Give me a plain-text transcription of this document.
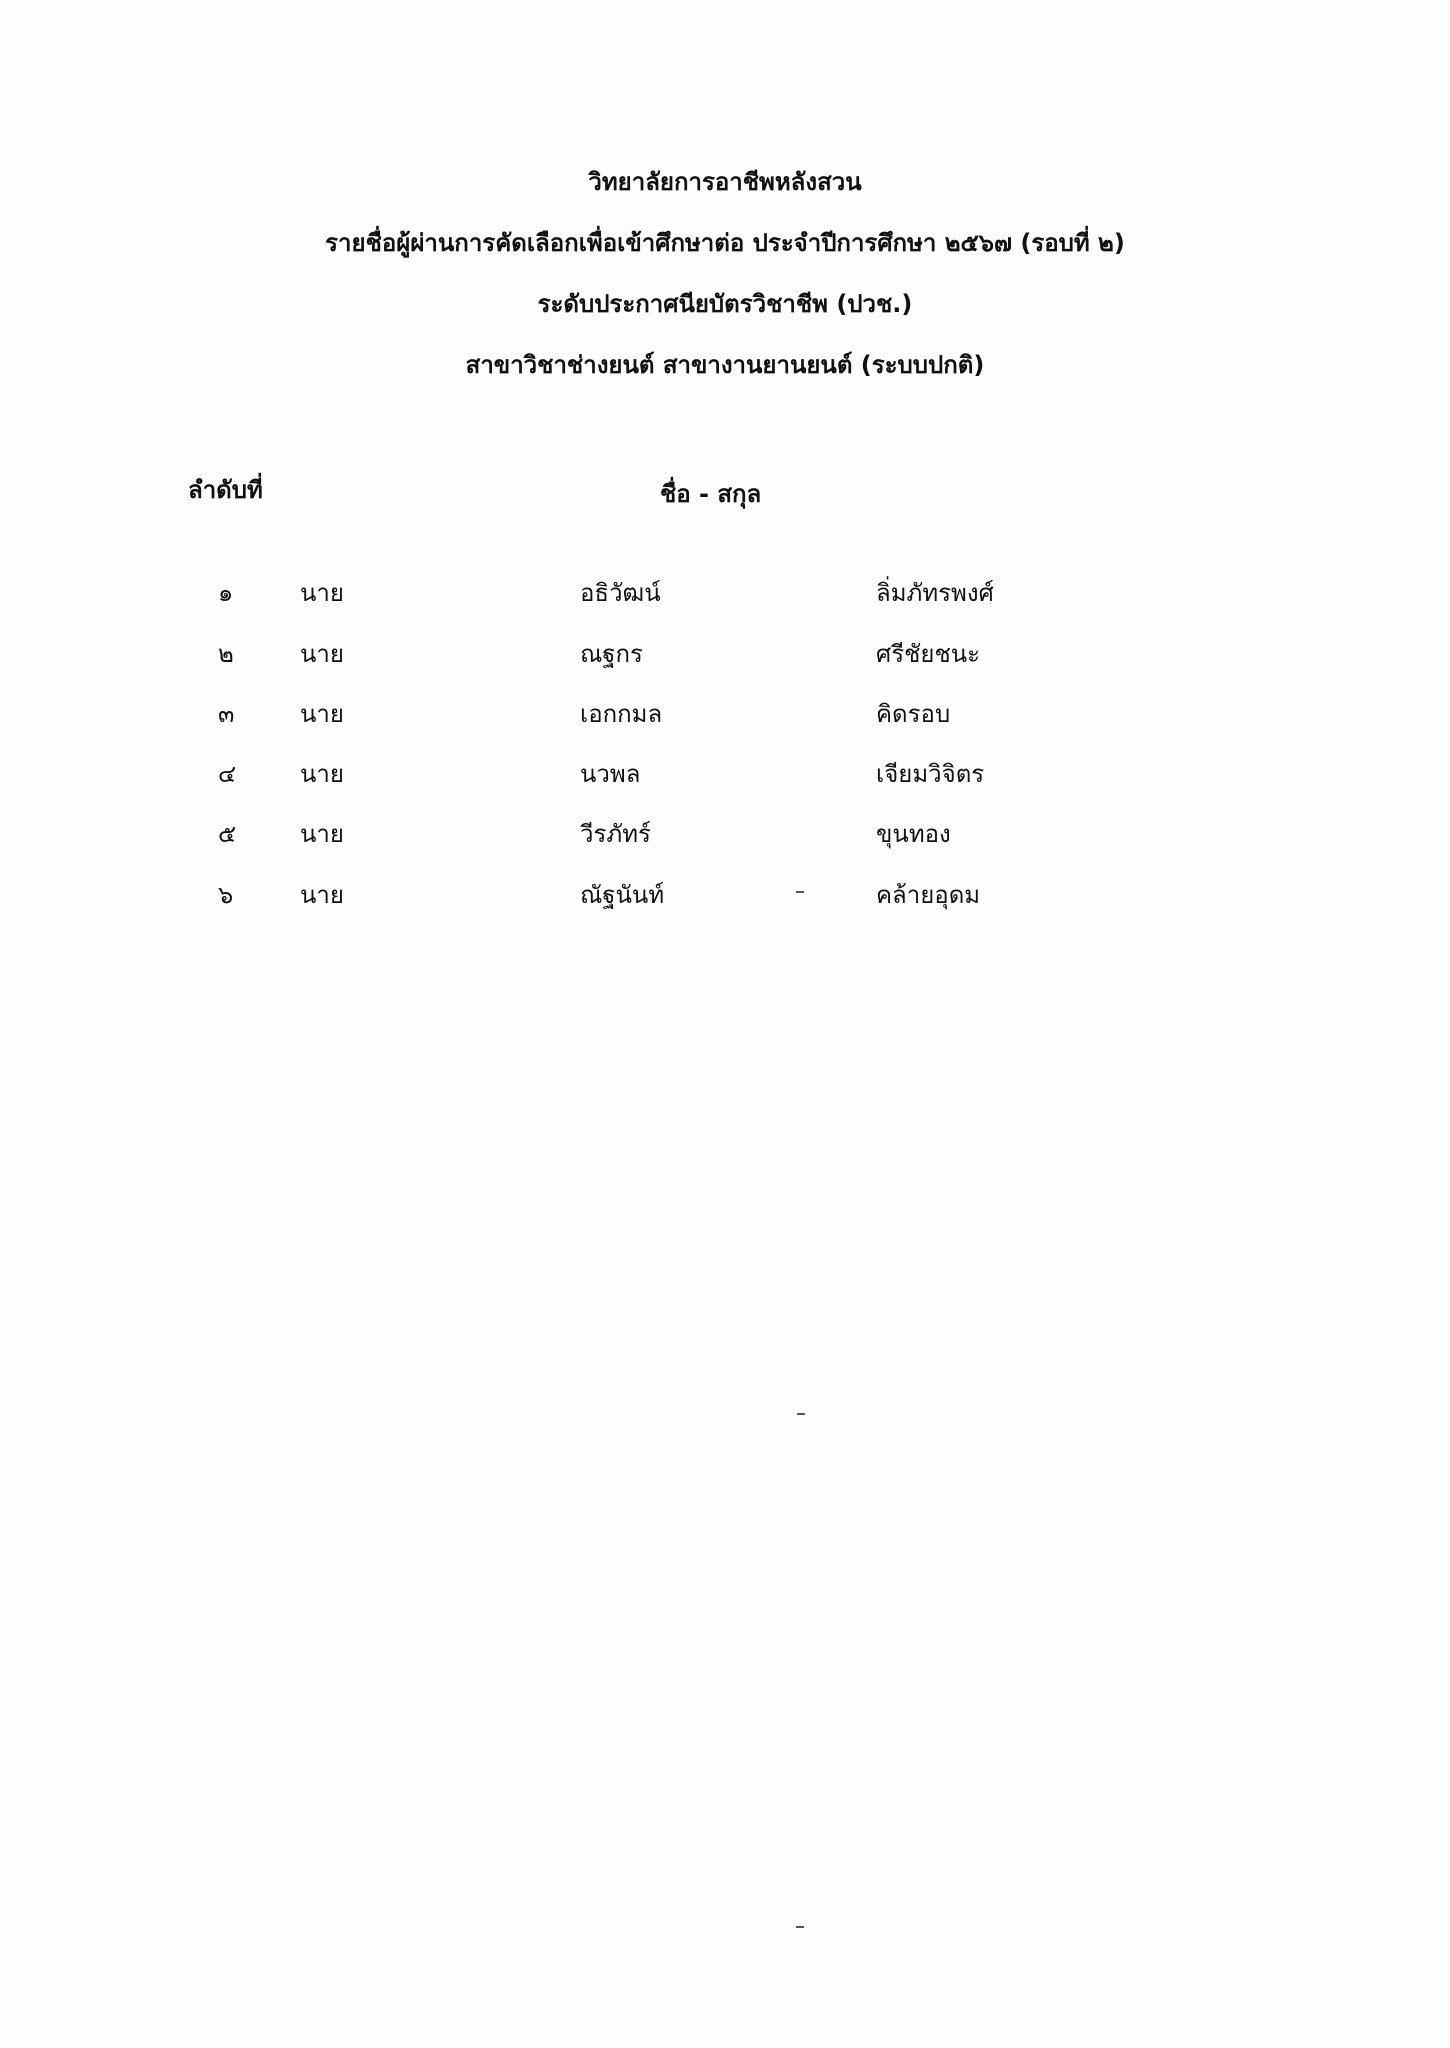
วิทยาลัยการอาชีพหลังสวน
รายชื่อผู้ผ่านการคัดเลือกเพื่อเข้าศึกษาต่อ ประจำปีการศึกษา ๒๕๖๗ (รอบที่ ๒)
ระดับประกาศนียบัตรวิชาชีพ (ปวช.)
สาขาวิชาช่างยนต์ สาขางานยานยนต์ (ระบบปกติ)
ลำดับที่	ชื่อ - สกุล
๑	นาย	อธิวัฒน์	ลิ่มภัทรพงศ์
๒	นาย	ณฐกร	ศรีชัยชนะ
๓	นาย	เอกกมล	คิดรอบ
๔	นาย	นวพล	เจียมวิจิตร
๕	นาย	วีรภัทร์	ขุนทอง
๖	นาย	ณัฐนันท์	คล้ายอุดม
